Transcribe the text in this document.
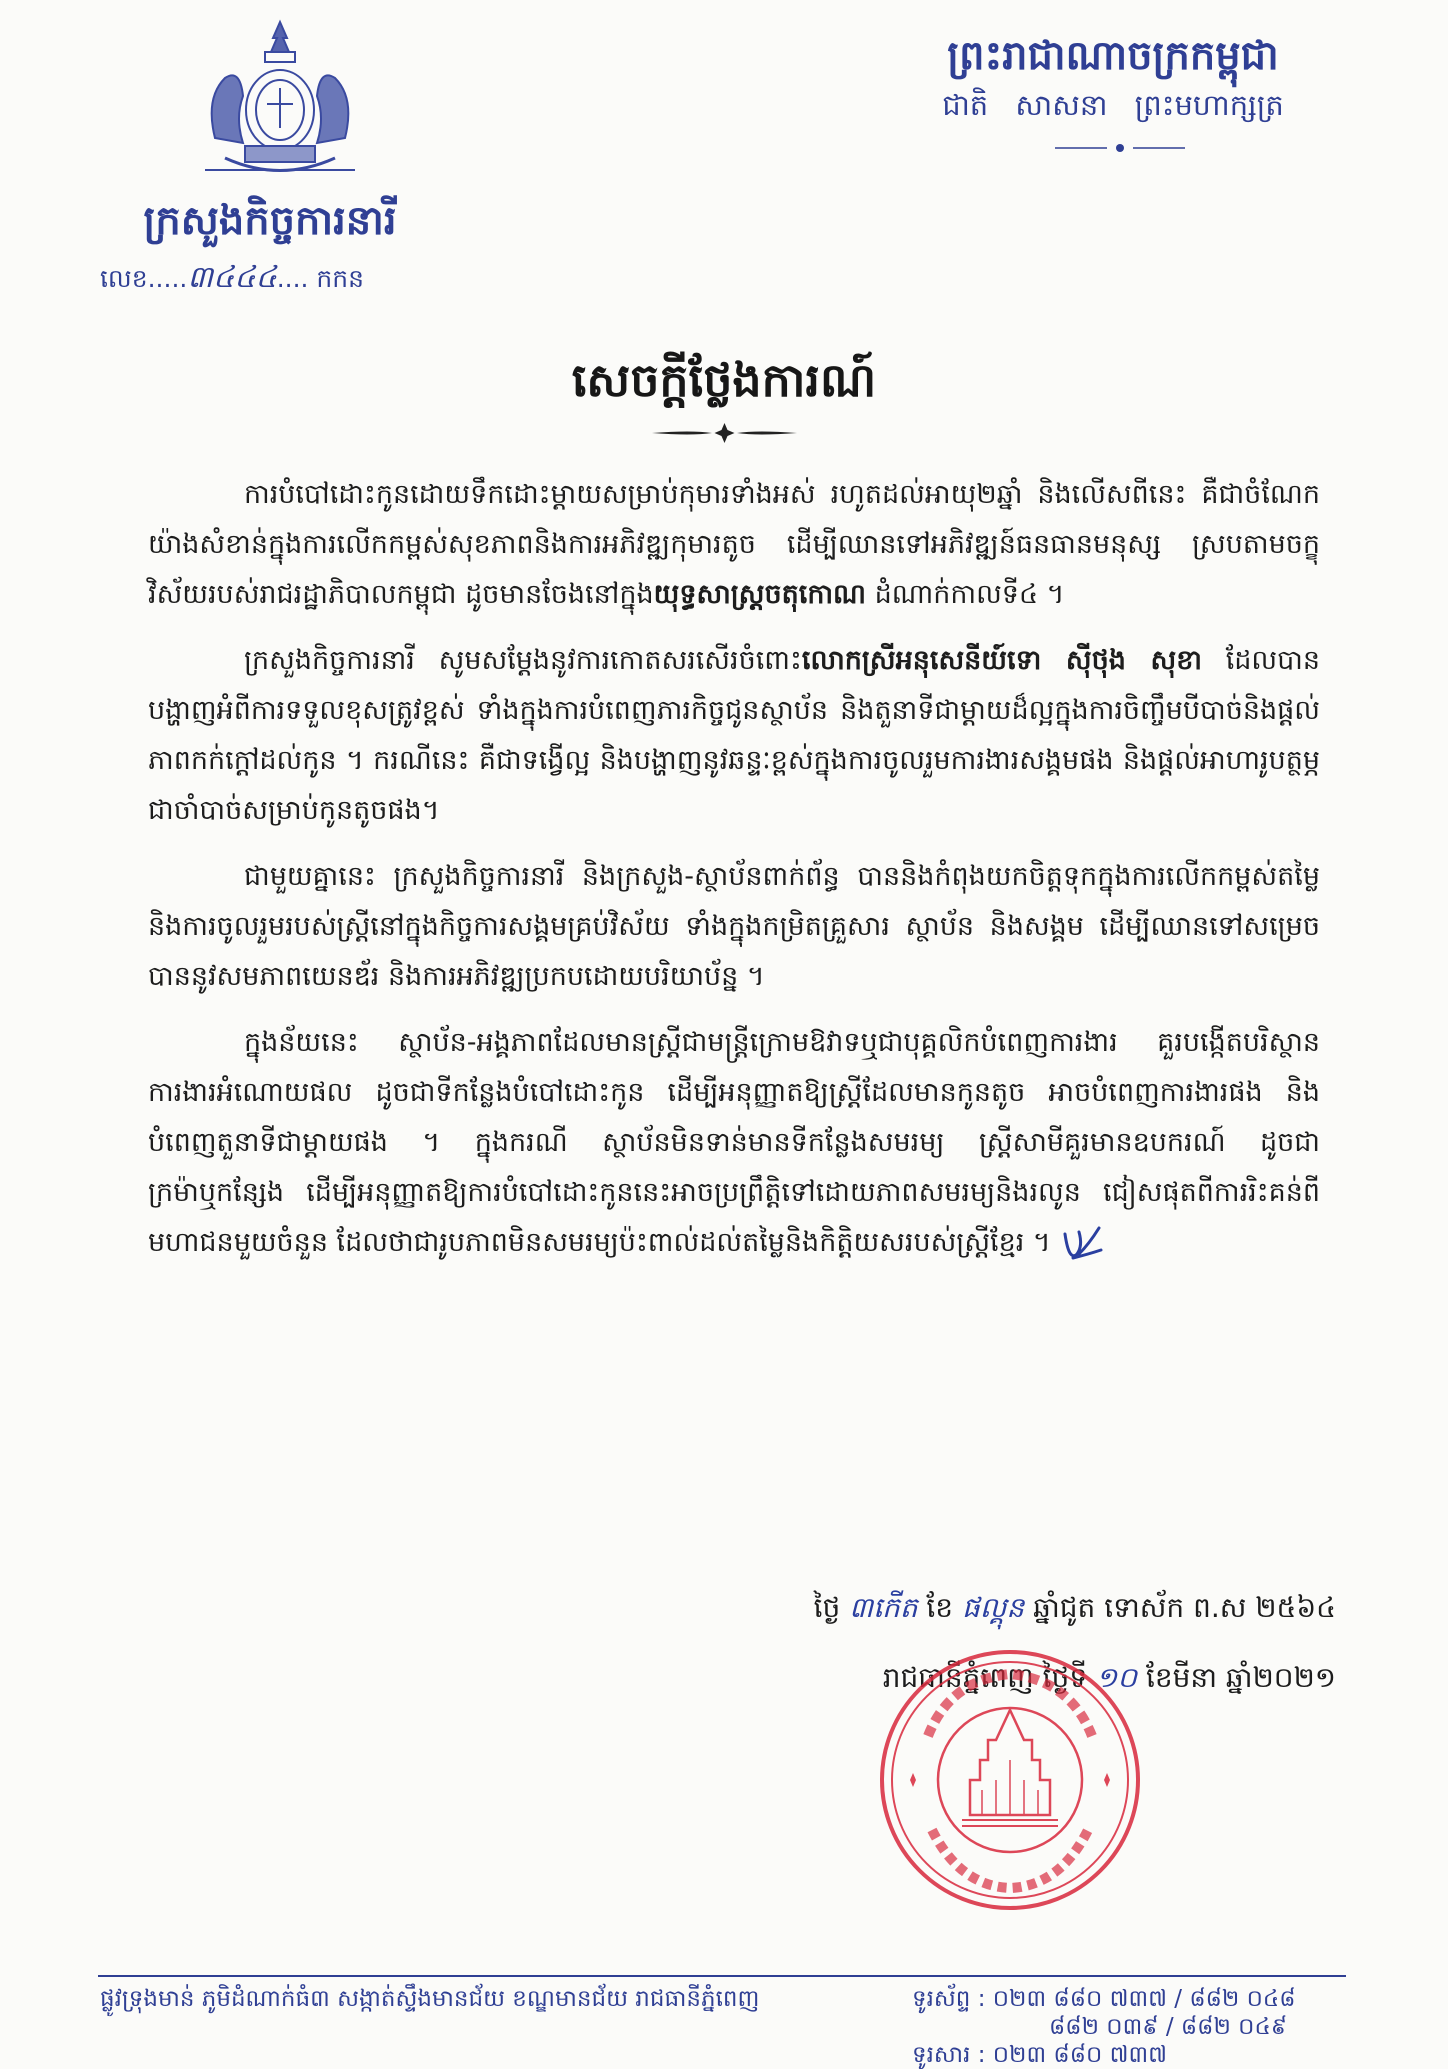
ក្រសួងកិច្ចការនារី
លេខ.....៣៤៤៤.... កកន
ព្រះរាជាណាចក្រកម្ពុជា
ជាតិ សាសនា ព្រះមហាក្សត្រ
សេចក្ដីថ្លែងការណ៍

ការបំបៅដោះកូនដោយទឹកដោះម្ដាយសម្រាប់កុមារទាំងអស់ រហូតដល់អាយុ២ឆ្នាំ និងលើសពីនេះ គឺជាចំណែកយ៉ាងសំខាន់ក្នុងការលើកកម្ពស់សុខភាពនិងការអភិវឌ្ឍកុមារតូច ដើម្បីឈានទៅអភិវឌ្ឍន៍ធនធានមនុស្ស ស្របតាមចក្ខុវិស័យរបស់រាជរដ្ឋាភិបាលកម្ពុជា ដូចមានចែងនៅក្នុងយុទ្ធសាស្ត្រចតុកោណ ដំណាក់កាលទី៤ ។

ក្រសួងកិច្ចការនារី សូមសម្ដែងនូវការកោតសរសើរចំពោះលោកស្រីអនុសេនីយ៍ទោ ស៊ីថុង សុខា ដែលបានបង្ហាញអំពីការទទួលខុសត្រូវខ្ពស់ ទាំងក្នុងការបំពេញភារកិច្ចជូនស្ថាប័ន និងតួនាទីជាម្ដាយដ៏ល្អក្នុងការចិញ្ចឹមបីបាច់និងផ្ដល់ភាពកក់ក្ដៅដល់កូន ។ ករណីនេះ គឺជាទង្វើល្អ និងបង្ហាញនូវឆន្ទៈខ្ពស់ក្នុងការចូលរួមការងារសង្គមផង និងផ្ដល់អាហារូបត្ថម្ភជាចាំបាច់សម្រាប់កូនតូចផង។

ជាមួយគ្នានេះ ក្រសួងកិច្ចការនារី និងក្រសួង-ស្ថាប័នពាក់ព័ន្ធ បាននិងកំពុងយកចិត្តទុកក្នុងការលើកកម្ពស់តម្លៃនិងការចូលរួមរបស់ស្ត្រីនៅក្នុងកិច្ចការសង្គមគ្រប់វិស័យ ទាំងក្នុងកម្រិតគ្រួសារ ស្ថាប័ន និងសង្គម ដើម្បីឈានទៅសម្រេចបាននូវសមភាពយេនឌ័រ និងការអភិវឌ្ឍប្រកបដោយបរិយាប័ន្ន ។

ក្នុងន័យនេះ ស្ថាប័ន-អង្គភាពដែលមានស្ត្រីជាមន្ត្រីក្រោមឱវាទឬជាបុគ្គលិកបំពេញការងារ គួរបង្កើតបរិស្ថានការងារអំណោយផល ដូចជាទីកន្លែងបំបៅដោះកូន ដើម្បីអនុញ្ញាតឱ្យស្ត្រីដែលមានកូនតូច អាចបំពេញការងារផង និងបំពេញតួនាទីជាម្ដាយផង ។ ក្នុងករណី ស្ថាប័នមិនទាន់មានទីកន្លែងសមរម្យ ស្ត្រីសាមីគួរមានឧបករណ៍ ដូចជាក្រម៉ាឬកន្សែង ដើម្បីអនុញ្ញាតឱ្យការបំបៅដោះកូននេះអាចប្រព្រឹត្តិទៅដោយភាពសមរម្យនិងរលូន ជៀសផុតពីការរិះគន់ពីមហាជនមួយចំនួន ដែលថាជារូបភាពមិនសមរម្យប៉ះពាល់ដល់តម្លៃនិងកិត្តិយសរបស់ស្ត្រីខ្មែរ ។

ថ្ងៃ ៣កើត ខែ ផល្គុន ឆ្នាំជូត ទោស័ក ព.ស ២៥៦៤
រាជធានីភ្នំពេញ ថ្ងៃទី ១០ ខែមីនា ឆ្នាំ២០២១
ផ្លូវទ្រុងមាន់ ភូមិដំណាក់ធំ៣ សង្កាត់ស្ទឹងមានជ័យ ខណ្ឌមានជ័យ រាជធានីភ្នំពេញ	ទូរស័ព្ទ : ០២៣ ៨៨០ ៧៣៧ / ៨៨២ ០៤៨
៨៨២ ០៣៩ / ៨៨២ ០៤៩
ទូរសារ : ០២៣ ៨៨០ ៧៣៧
